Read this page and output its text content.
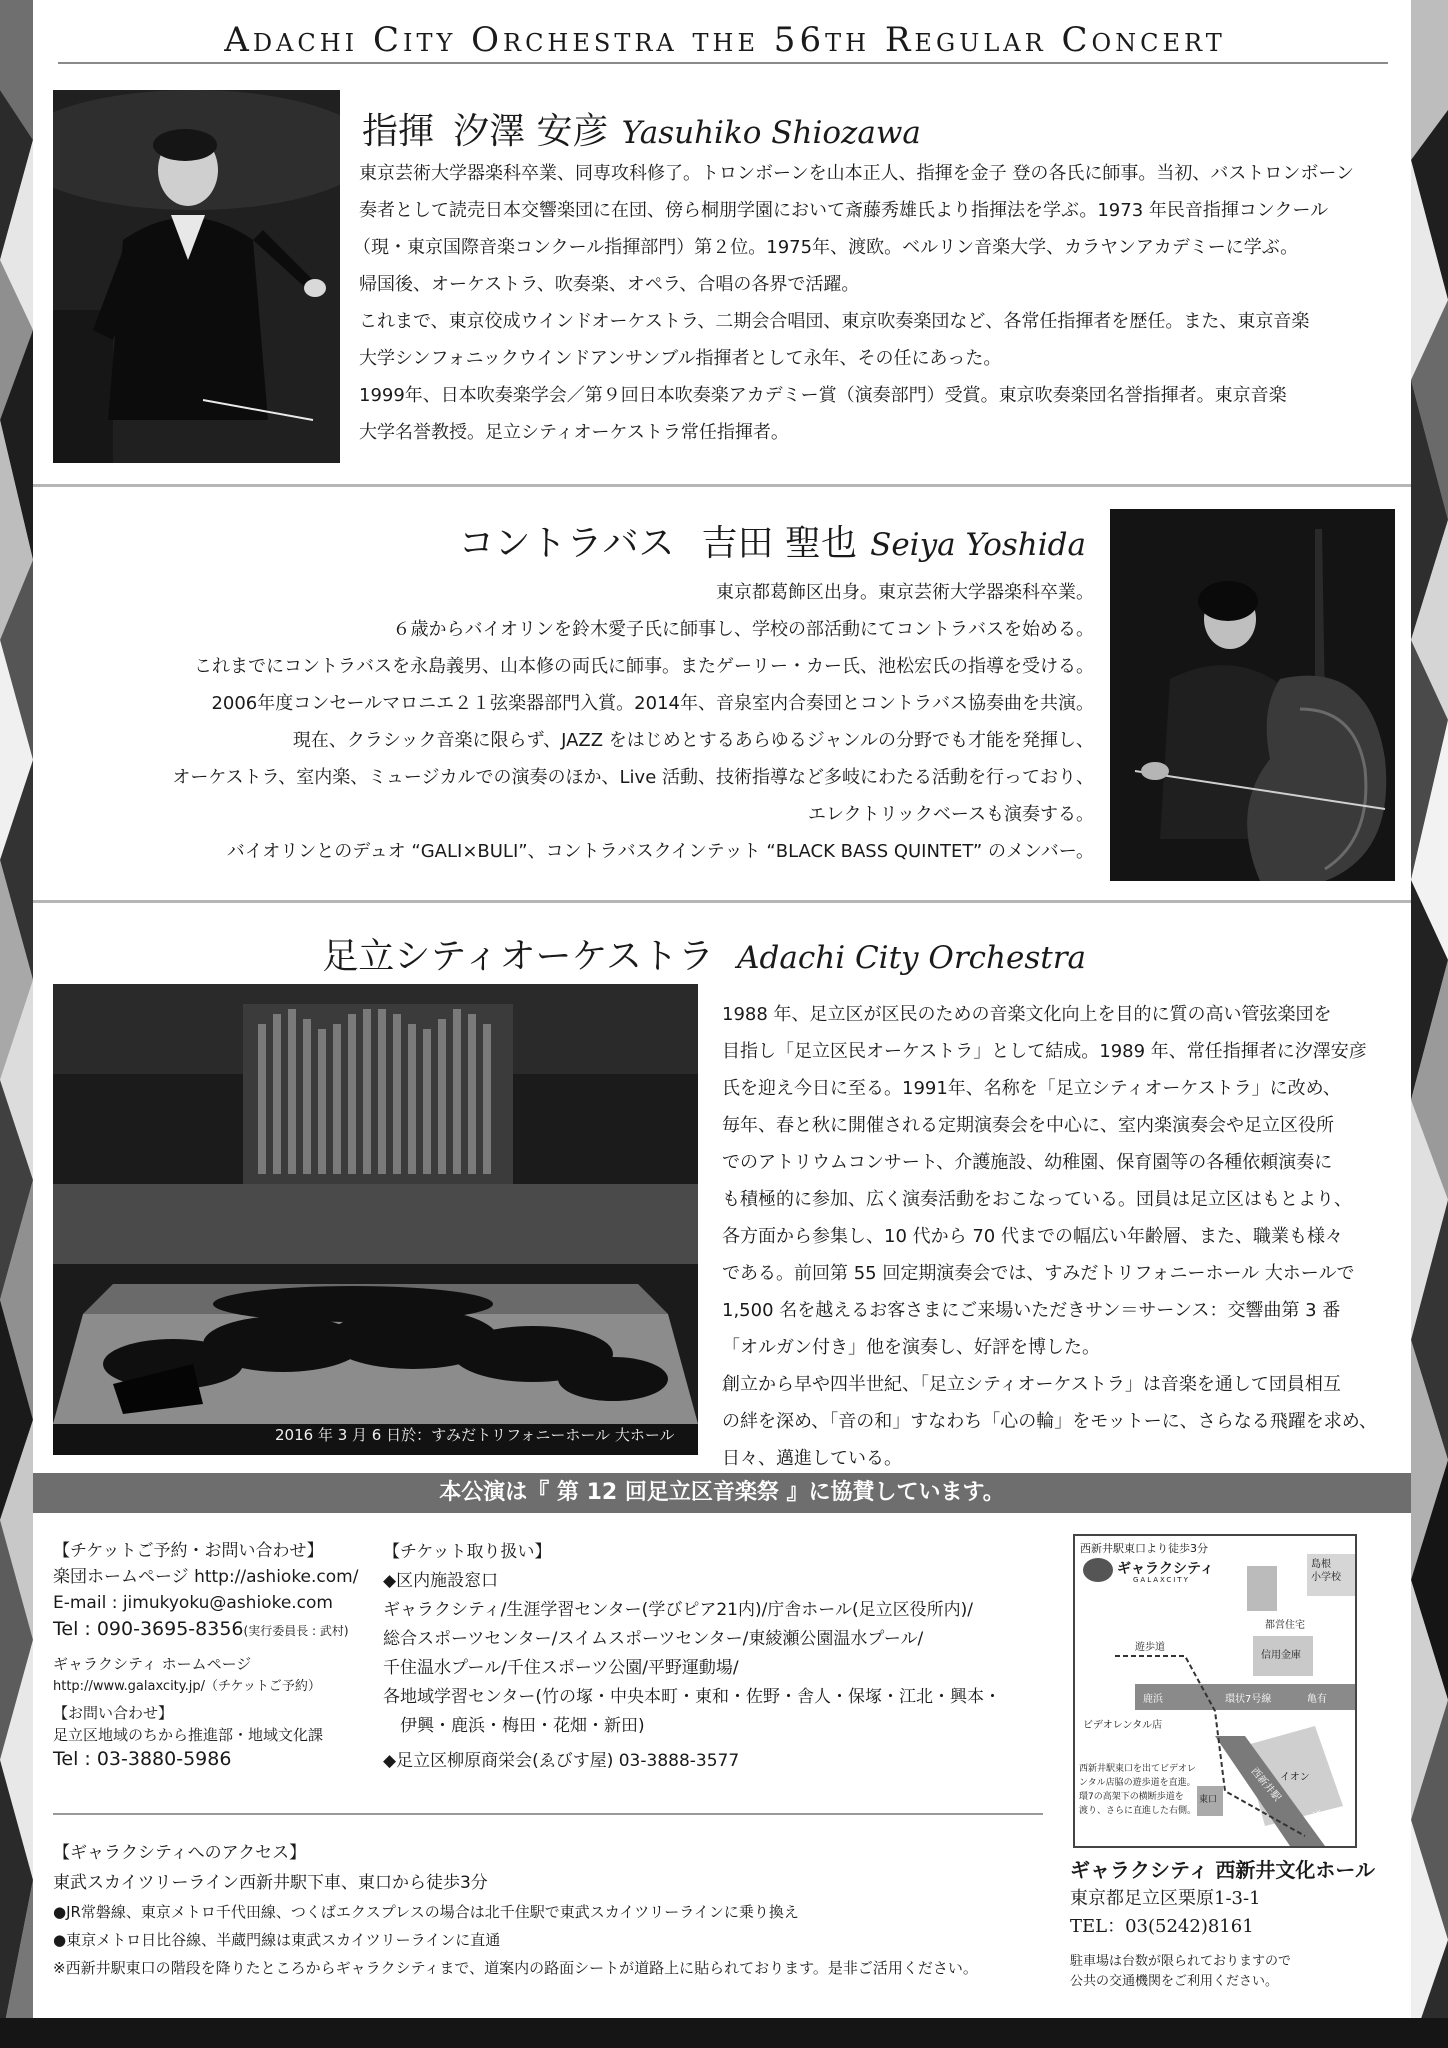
Adachi City Orchestra the 56th Regular Concert
指揮 汐澤 安彦 Yasuhiko Shiozawa
東京芸術大学器楽科卒業、同専攻科修了。トロンボーンを山本正人、指揮を金子 登の各氏に師事。当初、バストロンボーン
奏者として読売日本交響楽団に在団、傍ら桐朋学園において斎藤秀雄氏より指揮法を学ぶ。1973 年民音指揮コンクール
（現・東京国際音楽コンクール指揮部門）第２位。1975年、渡欧。ベルリン音楽大学、カラヤンアカデミーに学ぶ。
帰国後、オーケストラ、吹奏楽、オペラ、合唱の各界で活躍。
これまで、東京佼成ウインドオーケストラ、二期会合唱団、東京吹奏楽団など、各常任指揮者を歴任。また、東京音楽
大学シンフォニックウインドアンサンブル指揮者として永年、その任にあった。
1999年、日本吹奏楽学会／第９回日本吹奏楽アカデミー賞（演奏部門）受賞。東京吹奏楽団名誉指揮者。東京音楽
大学名誉教授。足立シティオーケストラ常任指揮者。
コントラバス 吉田 聖也 Seiya Yoshida
東京都葛飾区出身。東京芸術大学器楽科卒業。
６歳からバイオリンを鈴木愛子氏に師事し、学校の部活動にてコントラバスを始める。
これまでにコントラバスを永島義男、山本修の両氏に師事。またゲーリー・カー氏、池松宏氏の指導を受ける。
2006年度コンセールマロニエ２１弦楽器部門入賞。2014年、音泉室内合奏団とコントラバス協奏曲を共演。
現在、クラシック音楽に限らず、JAZZ をはじめとするあらゆるジャンルの分野でも才能を発揮し、
オーケストラ、室内楽、ミュージカルでの演奏のほか、Live 活動、技術指導など多岐にわたる活動を行っており、
エレクトリックベースも演奏する。
バイオリンとのデュオ “GALI×BULI”、コントラバスクインテット “BLACK BASS QUINTET” のメンバー。
足立シティオーケストラ Adachi City Orchestra
2016 年 3 月 6 日於：すみだトリフォニーホール 大ホール
1988 年、足立区が区民のための音楽文化向上を目的に質の高い管弦楽団を
目指し「足立区民オーケストラ」として結成。1989 年、常任指揮者に汐澤安彦
氏を迎え今日に至る。1991年、名称を「足立シティオーケストラ」に改め、
毎年、春と秋に開催される定期演奏会を中心に、室内楽演奏会や足立区役所
でのアトリウムコンサート、介護施設、幼稚園、保育園等の各種依頼演奏に
も積極的に参加、広く演奏活動をおこなっている。団員は足立区はもとより、
各方面から参集し、10 代から 70 代までの幅広い年齢層、また、職業も様々
である。前回第 55 回定期演奏会では、すみだトリフォニーホール 大ホールで
1,500 名を越えるお客さまにご来場いただきサン＝サーンス：交響曲第 3 番
「オルガン付き」他を演奏し、好評を博した。
創立から早や四半世紀、「足立シティオーケストラ」は音楽を通して団員相互
の絆を深め、「音の和」すなわち「心の輪」をモットーに、さらなる飛躍を求め、
日々、邁進している。
本公演は『 第 12 回足立区音楽祭 』に協賛しています。
【チケットご予約・お問い合わせ】
楽団ホームページ http://ashioke.com/
E-mail : jimukyoku@ashioke.com
Tel : 090-3695-8356(実行委員長 : 武村)
ギャラクシティ ホームページ
http://www.galaxcity.jp/（チケットご予約）
【お問い合わせ】
足立区地域のちから推進部・地域文化課
Tel : 03-3880-5986
【チケット取り扱い】
◆区内施設窓口
ギャラクシティ/生涯学習センター(学びピア21内)/庁舎ホール(足立区役所内)/
総合スポーツセンター/スイムスポーツセンター/東綾瀬公園温水プール/
千住温水プール/千住スポーツ公園/平野運動場/
各地域学習センター(竹の塚・中央本町・東和・佐野・舎人・保塚・江北・興本・
　伊興・鹿浜・梅田・花畑・新田)
◆足立区柳原商栄会(ゑびす屋) 03-3888-3577
【ギャラクシティへのアクセス】
東武スカイツリーライン西新井駅下車、東口から徒歩3分
●JR常磐線、東京メトロ千代田線、つくばエクスプレスの場合は北千住駅で東武スカイツリーラインに乗り換え
●東京メトロ日比谷線、半蔵門線は東武スカイツリーラインに直通
※西新井駅東口の階段を降りたところからギャラクシティまで、道案内の路面シートが道路上に貼られております。是非ご活用ください。
西新井駅東口より徒歩3分
ギャラクシティ
GALAXCITY
島根
小学校
都営住宅
信用金庫
遊歩道
鹿浜	環状7号線	亀有
ビデオレンタル店
イオン
東口	西新井駅
北千住
西新井駅東口を出てビデオレ
ンタル店脇の遊歩道を直進。
環7の高架下の横断歩道を
渡り、さらに直進した右側。
ギャラクシティ 西新井文化ホール
東京都足立区栗原1-3-1
TEL：03(5242)8161
駐車場は台数が限られておりますので
公共の交通機関をご利用ください。
